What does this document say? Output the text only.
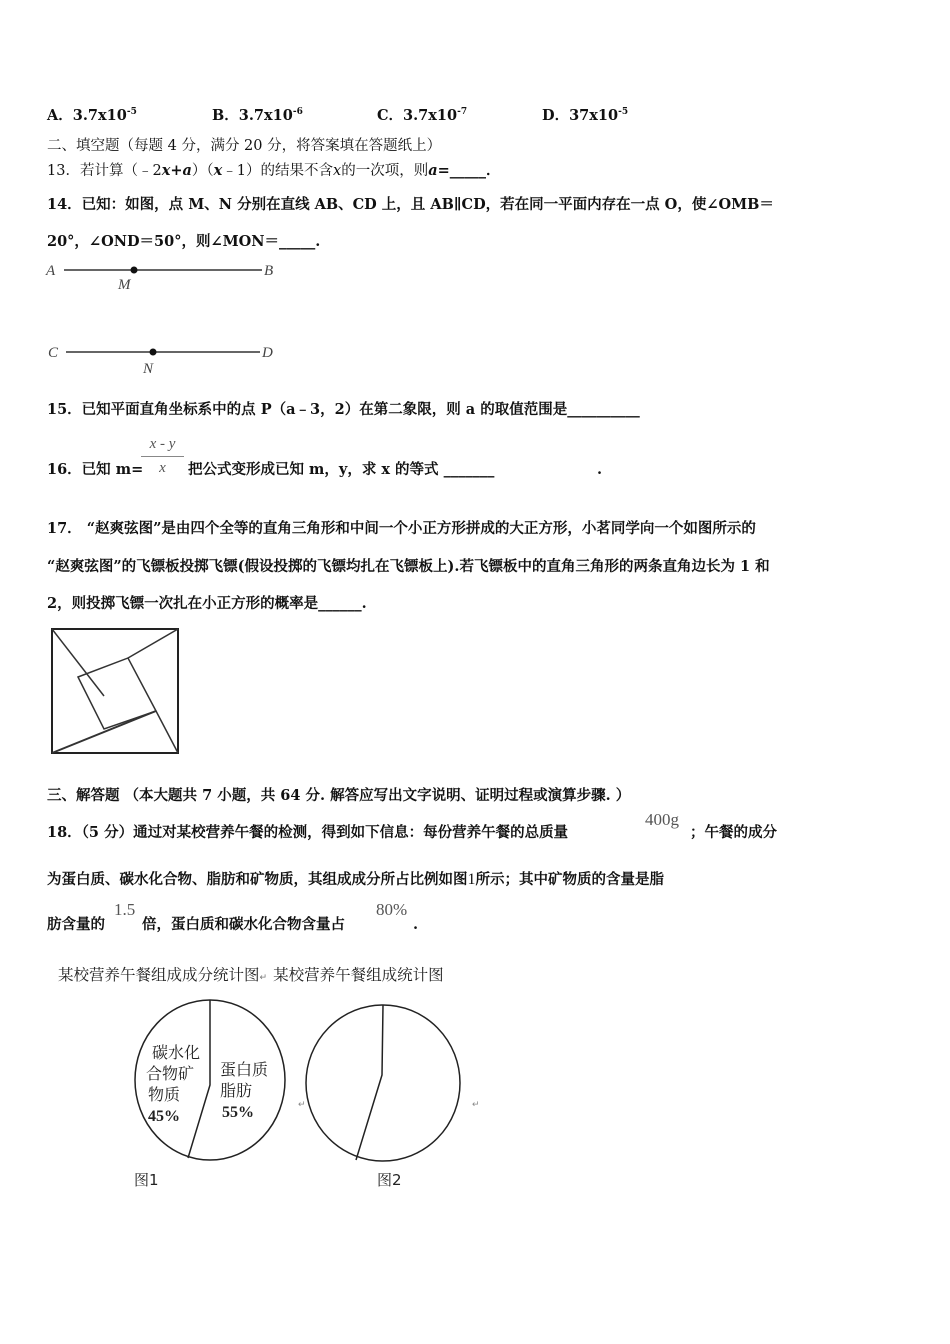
A．$3.7x10^{-5}$	B．$3.7x10^{-6}$	C．$3.7x10^{-7}$	D．$37x10^{-5}$
二、填空题（每题 4 分，满分 20 分，将答案填在答题纸上）
13．若计算（﹣2x+a）（x﹣1）的结果不含x的一次项，则a=_____．
14．已知：如图，点 M、N 分别在直线 AB、CD 上，且 AB∥CD，若在同一平面内存在一点 O，使∠OMB＝
20°，∠OND＝50°，则∠MON＝_____.
A	B
M
C	D
N
15．已知平面直角坐标系中的点 P（a﹣3，2）在第二象限，则 a 的取值范围是__________
16．已知 m=
x - y
x	把公式变形成已知 m，y，求 x 的等式 _______	.
17． “赵爽弦图”是由四个全等的直角三角形和中间一个小正方形拼成的大正方形，小茗同学向一个如图所示的
“赵爽弦图”的飞镖板投掷飞镖(假设投掷的飞镖均扎在飞镖板上).若飞镖板中的直角三角形的两条直角边长为 1 和
2，则投掷飞镖一次扎在小正方形的概率是______.
三、解答题 （本大题共 7 小题，共 64 分. 解答应写出文字说明、证明过程或演算步骤. ）
18．（5 分）通过对某校营养午餐的检测，得到如下信息：每份营养午餐的总质量
400g
；午餐的成分
为蛋白质、碳水化合物、脂肪和矿物质，其组成成分所占比例如图1所示；其中矿物质的含量是脂
肪含量的
1.5
倍，蛋白质和碳水化合物含量占
80%
.
某校营养午餐组成成分统计图↵ 某校营养午餐组成统计图
碳水化
合物矿
物质
45%
蛋白质
脂肪
55%	↵
图1
↵
图2
